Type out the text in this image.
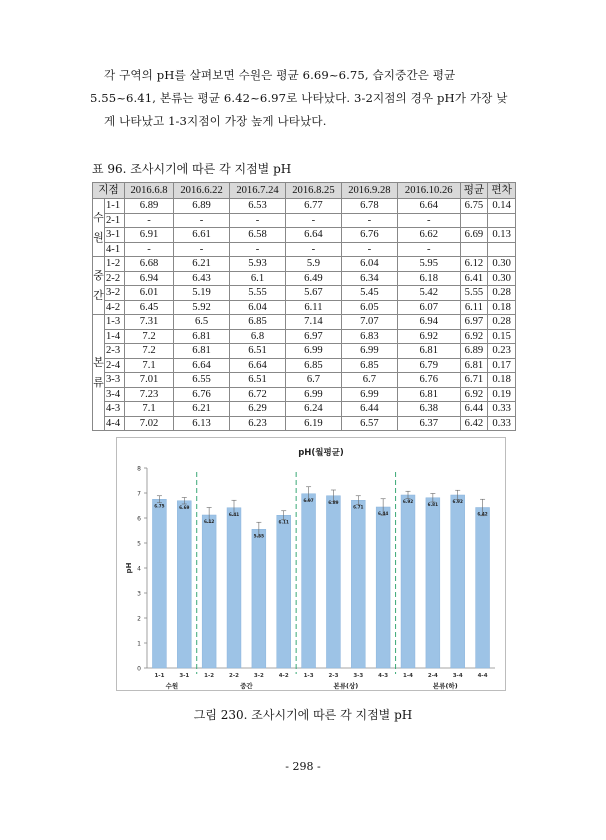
각 구역의 pH를 살펴보면 수원은 평균 6.69~6.75, 습지중간은 평균
5.55~6.41, 본류는 평균 6.42~6.97로 나타났다. 3-2지점의 경우 pH가 가장 낮
게 나타났고 1-3지점이 가장 높게 나타났다.
표 96. 조사시기에 따른 각 지점별 pH
지점		2016.6.8	2016.6.22	2016.7.24	2016.8.25	2016.9.28	2016.10.26	평균	편차

수
원	1-1	6.89	6.89	6.53	6.77	6.78	6.64	6.75	0.14
	2-1	-	-	-	-	-	-		
	3-1	6.91	6.61	6.58	6.64	6.76	6.62	6.69	0.13
	4-1	-	-	-	-	-	-		

중
간	1-2	6.68	6.21	5.93	5.9	6.04	5.95	6.12	0.30
	2-2	6.94	6.43	6.1	6.49	6.34	6.18	6.41	0.30
	3-2	6.01	5.19	5.55	5.67	5.45	5.42	5.55	0.28
	4-2	6.45	5.92	6.04	6.11	6.05	6.07	6.11	0.18

본
류	1-3	7.31	6.5	6.85	7.14	7.07	6.94	6.97	0.28
	1-4	7.2	6.81	6.8	6.97	6.83	6.92	6.92	0.15
	2-3	7.2	6.81	6.51	6.99	6.99	6.81	6.89	0.23
	2-4	7.1	6.64	6.64	6.85	6.85	6.79	6.81	0.17
	3-3	7.01	6.55	6.51	6.7	6.7	6.76	6.71	0.18
	3-4	7.23	6.76	6.72	6.99	6.99	6.81	6.92	0.19
	4-3	7.1	6.21	6.29	6.24	6.44	6.38	6.44	0.33
	4-4	7.02	6.13	6.23	6.19	6.57	6.37	6.42	0.33
pH(월평균)
0
1
2
3
4
5
6
7
8
pH
6.75
1-1
6.69
3-1
6.12
1-2
6.41
2-2
5.55
3-2
6.11
4-2
6.97
1-3
6.89
2-3
6.71
3-3
6.44
4-3
6.92
1-4
6.81
2-4
6.92
3-4
6.42
4-4
수원	중간	본류(상)	본류(하)
그림 230. 조사시기에 따른 각 지점별 pH
- 298 -
